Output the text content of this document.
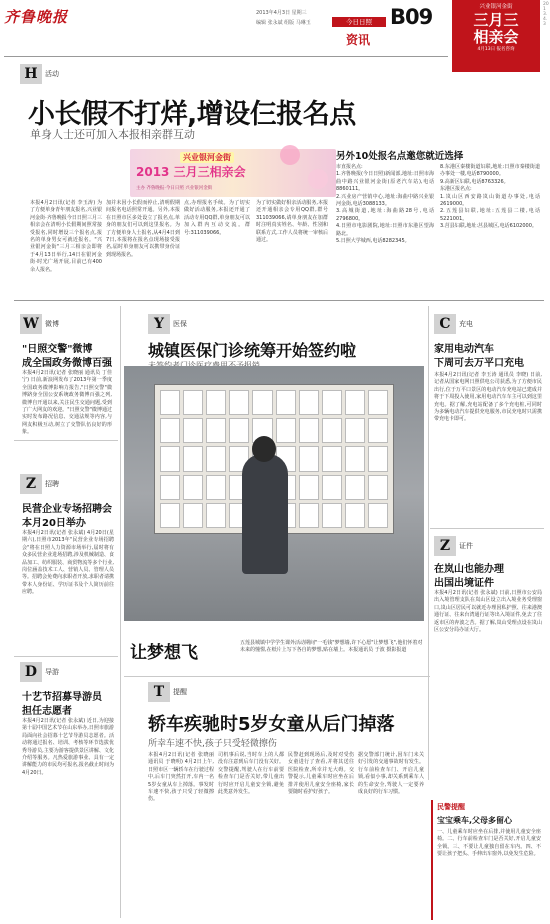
齐鲁晚报	2013年4月3日 星期三
编辑 张永斌 组版 马琳玉	今日日照 B09
资讯
兴业银河金街
三月三
相亲会
4月13日 报名咨询
2013.4.3
H	活动
小长假不打烊,增设仨报名点
单身人士还可加入本报相亲群互动
兴业银河金街
2013 三月三相亲会
主办 齐鲁晚报·今日日照 兴业银河金街
本报4月2日讯(记者 李玉涛) 为了方便单身青年朋友报名,兴业银河金街·齐鲁晚报今日日照三月三相亲会在清明小长假期间照常接受报名,同时增设三个报名点,报名的单身男女可就近报名。"兴业银河金街"三月三相亲会即将于4月13日举行,14日在银河金街·时光广场开展,目前已有400余人报名。
加并未因小长假而停止,清明假期间报名电话照常开通。另外,本报在日照市区多处设立了报名点,单身的朋友们可以到这里报名。为了方便单身人士报名,从4月4日到7日,本报将在报名点现场接受报名,届时单身朋友可以携带身份证到现场报名。
点,办理报名手续。为了切实做好活动服务,本报还开通了活动专用QQ群,单身朋友可以加入群内互动交流。群号:311039066。
为了切实做好相亲活动服务,本报还开通相亲会专用QQ群,群号311039066,请单身朋友在加群时注明真实姓名、年龄、性别和联系方式,工作人员将统一审核后通过。
另外10处报名点邀您就近选择
市直报名点:
1.齐鲁晚报(今日日照)新闻部,地址:日照市海曲中路兴业银河金街(原老汽车站),电话8860111。
2.兴业房产营销中心,地址:海曲中路兴业银河金街,电话3088133。
3.高城街道,地址:海曲路28号,电话2796800。
4.日照市电影剧院,地址:日照市东港区望海路北。
5.日照大学城西,电话8282345。
8.东港区秦楼街道妇联,地址:日照市秦楼街道办事处一楼,电话8790000。
9.高新区妇联,电话8763326。
东港区报名点:
1.岚山区西安路岚山街道办事处,电话2619000。
2.五莲县妇联,地址:五莲县二楼,电话5221001。
3.莒县妇联,地址:莒县城区,电话6102000。
W 微博
"日照交警"微博
成全国政务微博百强
本报4月2日讯(记者 张晓丽 通讯员 丁佳宁) 日前,新浪网发布了2013年第一季度全国政务微博影响力报告,"日照交警"微博跻身全国公安系统政务微博百强之列,微博自开通以来,关注民生交通问题,受到了广大网友的欢迎。"日照交警"微博通过实时发布路况信息、交通法规等内容,与网友积极互动,树立了交警队伍良好的形象。
Z	招聘
民营企业专场招聘会
本月20日举办
本报4月2日讯(记者 张永斌) 4月20日(星期六),日照市2013年"民营企业专场招聘会"将在日照人力资源市场举行,届时将有众多民营企业进场招聘,涉及机械制造、食品加工、纺织服装、商贸物流等多个行业,岗位涵盖技术工人、营销人员、管理人员等。招聘会免费向求职者开放,求职者请携带本人身份证、学历证书及个人简历前往应聘。
D	导游
十艺节招募导游员
担任志愿者
本报4月2日讯(记者 张永斌) 近日,为迎接第十届中国艺术节在山东举办,日照市旅游局面向社会招募十艺节导游员志愿者。活动将通过报名、培训、考核等环节选拔优秀导游员,主要为游客提供景区讲解、文化介绍等服务。凡热爱旅游事业、具有一定讲解能力的市民均可报名,报名截止时间为4月20日。
Y	医保
城镇医保门诊统筹开始签约啦
让梦想飞	五莲县城镇中学学生课外活动期间"一毛钱"梦想墙,许下心愿"让梦想飞",他们怀着对未来的憧憬,在纸片上写下各自的梦想,贴在墙上。本报通讯员 于波 摄影报道
C	充电
家用电动汽车
下周可去万平口充电
本报4月2日讯(记者 李玉涛 通讯员 李晓) 日前,记者从国家电网日照供电公司获悉,为了方便市民出行,位于万平口景区的电动汽车充电站已建成并将于下周投入使用,家用电动汽车车主可以到这里充电。据了解,充电站配备了多个充电桩,可同时为多辆电动汽车提供充电服务,市民充电时只需携带充电卡即可。
Z	证件
在岚山也能办理
出国出境证件
本报4月2日讯(记者 张永斌) 日前,日照市公安局出入境管理支队在岚山区设立出入境业务受理窗口,岚山区居民可以就近办理因私护照、往来港澳通行证、往来台湾通行证等出入境证件,免去了往返市区的奔波之苦。据了解,岚山受理点设在岚山区公安分局办证大厅。
T	提醒
轿车疾驰时5岁女童从后门掉落
所幸车速不快,孩子只受轻微擦伤
本报4月2日讯(记者 张晓丽 通讯员 于晓明) 4月2日上午,日照市区一辆轿车在行驶过程中,后车门突然打开,车内一名5岁女童从车上掉落。事发时车速不快,孩子只受了轻微擦伤。
司机事后说,当时车上的人都没有注意到后车门没有关好。交警提醒,驾驶人在行车前要检查车门是否关好,带儿童出行时应开启儿童安全锁,避免此类意外发生。
民警赶到现场后,及时对受伤女童进行了查看,并将其送往医院检查,所幸并无大碍。交警提示,儿童乘车时应坐在后排并使用儿童安全座椅,家长要随时看护好孩子。
据交警部门统计,因车门未关好引发的交通事故时有发生。行车前检查车门、开启儿童锁,看似小事,却关系到乘车人的生命安全,驾驶人一定要养成良好的行车习惯。
民警提醒
宝宝乘车,父母多留心
一、儿童乘车时应坐在后排,并使用儿童安全座椅。二、行车前检查车门是否关好,开启儿童安全锁。三、不要让儿童独自留在车内。四、不要让孩子把头、手伸出车窗外,以免发生危险。
